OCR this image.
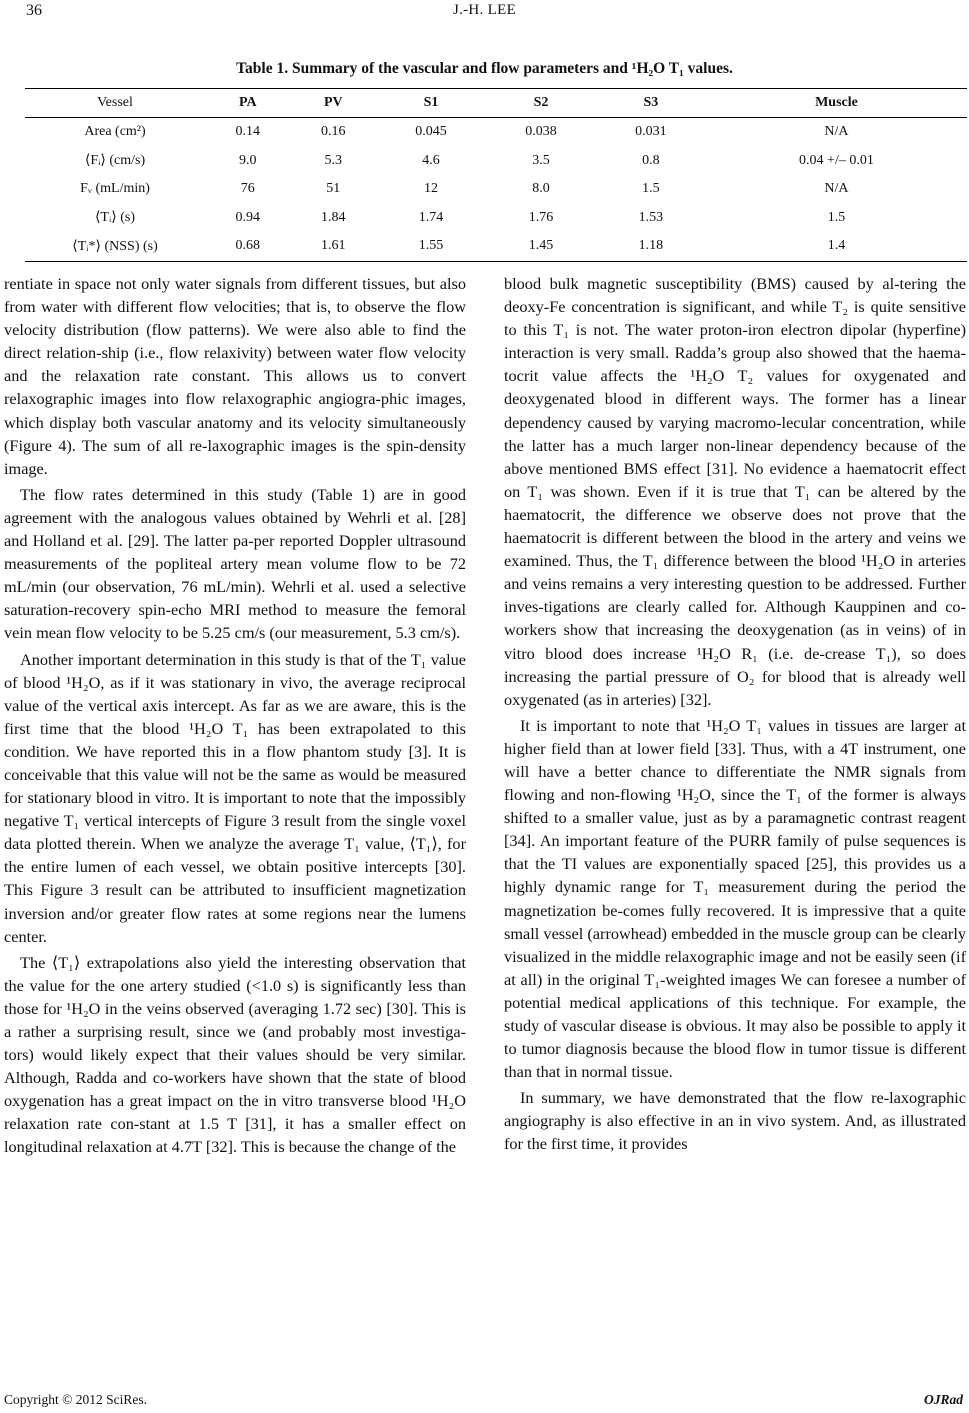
36	J.-H. LEE
Table 1. Summary of the vascular and flow parameters and ¹H₂O T₁ values.
Vessel	PA	PV	S1	S2	S3	Muscle
Area (cm²)	0.14	0.16	0.045	0.038	0.031	N/A
⟨Fᵢ⟩ (cm/s)	9.0	5.3	4.6	3.5	0.8	0.04 +/– 0.01
Fᵥ (mL/min)	76	51	12	8.0	1.5	N/A
⟨Tᵢ⟩ (s)	0.94	1.84	1.74	1.76	1.53	1.5
⟨Tᵢ*⟩ (NSS) (s)	0.68	1.61	1.55	1.45	1.18	1.4

rentiate in space not only water signals from different tissues, but also from water with different flow velocities; that is, to observe the flow velocity distribution (flow patterns). We were also able to find the direct relation-ship (i.e., flow relaxivity) between water flow velocity and the relaxation rate constant. This allows us to convert relaxographic images into flow relaxographic angiogra-phic images, which display both vascular anatomy and its velocity simultaneously (Figure 4). The sum of all re-laxographic images is the spin-density image.

The flow rates determined in this study (Table 1) are in good agreement with the analogous values obtained by Wehrli et al. [28] and Holland et al. [29]. The latter pa-per reported Doppler ultrasound measurements of the popliteal artery mean volume flow to be 72 mL/min (our observation, 76 mL/min). Wehrli et al. used a selective saturation-recovery spin-echo MRI method to measure the femoral vein mean flow velocity to be 5.25 cm/s (our measurement, 5.3 cm/s).

Another important determination in this study is that of the T₁ value of blood ¹H₂O, as if it was stationary in vivo, the average reciprocal value of the vertical axis intercept. As far as we are aware, this is the first time that the blood ¹H₂O T₁ has been extrapolated to this condition. We have reported this in a flow phantom study [3]. It is conceivable that this value will not be the same as would be measured for stationary blood in vitro. It is important to note that the impossibly negative T₁ vertical intercepts of Figure 3 result from the single voxel data plotted therein. When we analyze the average T₁ value, ⟨T₁⟩, for the entire lumen of each vessel, we obtain positive intercepts [30]. This Figure 3 result can be attributed to insufficient magnetization inversion and/or greater flow rates at some regions near the lumens center.

The ⟨T₁⟩ extrapolations also yield the interesting observation that the value for the one artery studied (<1.0 s) is significantly less than those for ¹H₂O in the veins observed (averaging 1.72 sec) [30]. This is a rather a surprising result, since we (and probably most investiga-tors) would likely expect that their values should be very similar. Although, Radda and co-workers have shown that the state of blood oxygenation has a great impact on the in vitro transverse blood ¹H₂O relaxation rate con-stant at 1.5 T [31], it has a smaller effect on longitudinal relaxation at 4.7T [32]. This is because the change of the

blood bulk magnetic susceptibility (BMS) caused by al-tering the deoxy-Fe concentration is significant, and while T₂ is quite sensitive to this T₁ is not. The water proton-iron electron dipolar (hyperfine) interaction is very small. Radda’s group also showed that the haema-tocrit value affects the ¹H₂O T₂ values for oxygenated and deoxygenated blood in different ways. The former has a linear dependency caused by varying macromo-lecular concentration, while the latter has a much larger non-linear dependency because of the above mentioned BMS effect [31]. No evidence a haematocrit effect on T₁ was shown. Even if it is true that T₁ can be altered by the haematocrit, the difference we observe does not prove that the haematocrit is different between the blood in the artery and veins we examined. Thus, the T₁ difference between the blood ¹H₂O in arteries and veins remains a very interesting question to be addressed. Further inves-tigations are clearly called for. Although Kauppinen and co-workers show that increasing the deoxygenation (as in veins) of in vitro blood does increase ¹H₂O R₁ (i.e. de-crease T₁), so does increasing the partial pressure of O₂ for blood that is already well oxygenated (as in arteries) [32].

It is important to note that ¹H₂O T₁ values in tissues are larger at higher field than at lower field [33]. Thus, with a 4T instrument, one will have a better chance to differentiate the NMR signals from flowing and non-flowing ¹H₂O, since the T₁ of the former is always shifted to a smaller value, just as by a paramagnetic contrast reagent [34]. An important feature of the PURR family of pulse sequences is that the TI values are exponentially spaced [25], this provides us a highly dynamic range for T₁ measurement during the period the magnetization be-comes fully recovered. It is impressive that a quite small vessel (arrowhead) embedded in the muscle group can be clearly visualized in the middle relaxographic image and not be easily seen (if at all) in the original T₁-weighted images We can foresee a number of potential medical applications of this technique. For example, the study of vascular disease is obvious. It may also be possible to apply it to tumor diagnosis because the blood flow in tumor tissue is different than that in normal tissue.

In summary, we have demonstrated that the flow re-laxographic angiography is also effective in an in vivo system. And, as illustrated for the first time, it provides

Copyright © 2012 SciRes.	OJRad
